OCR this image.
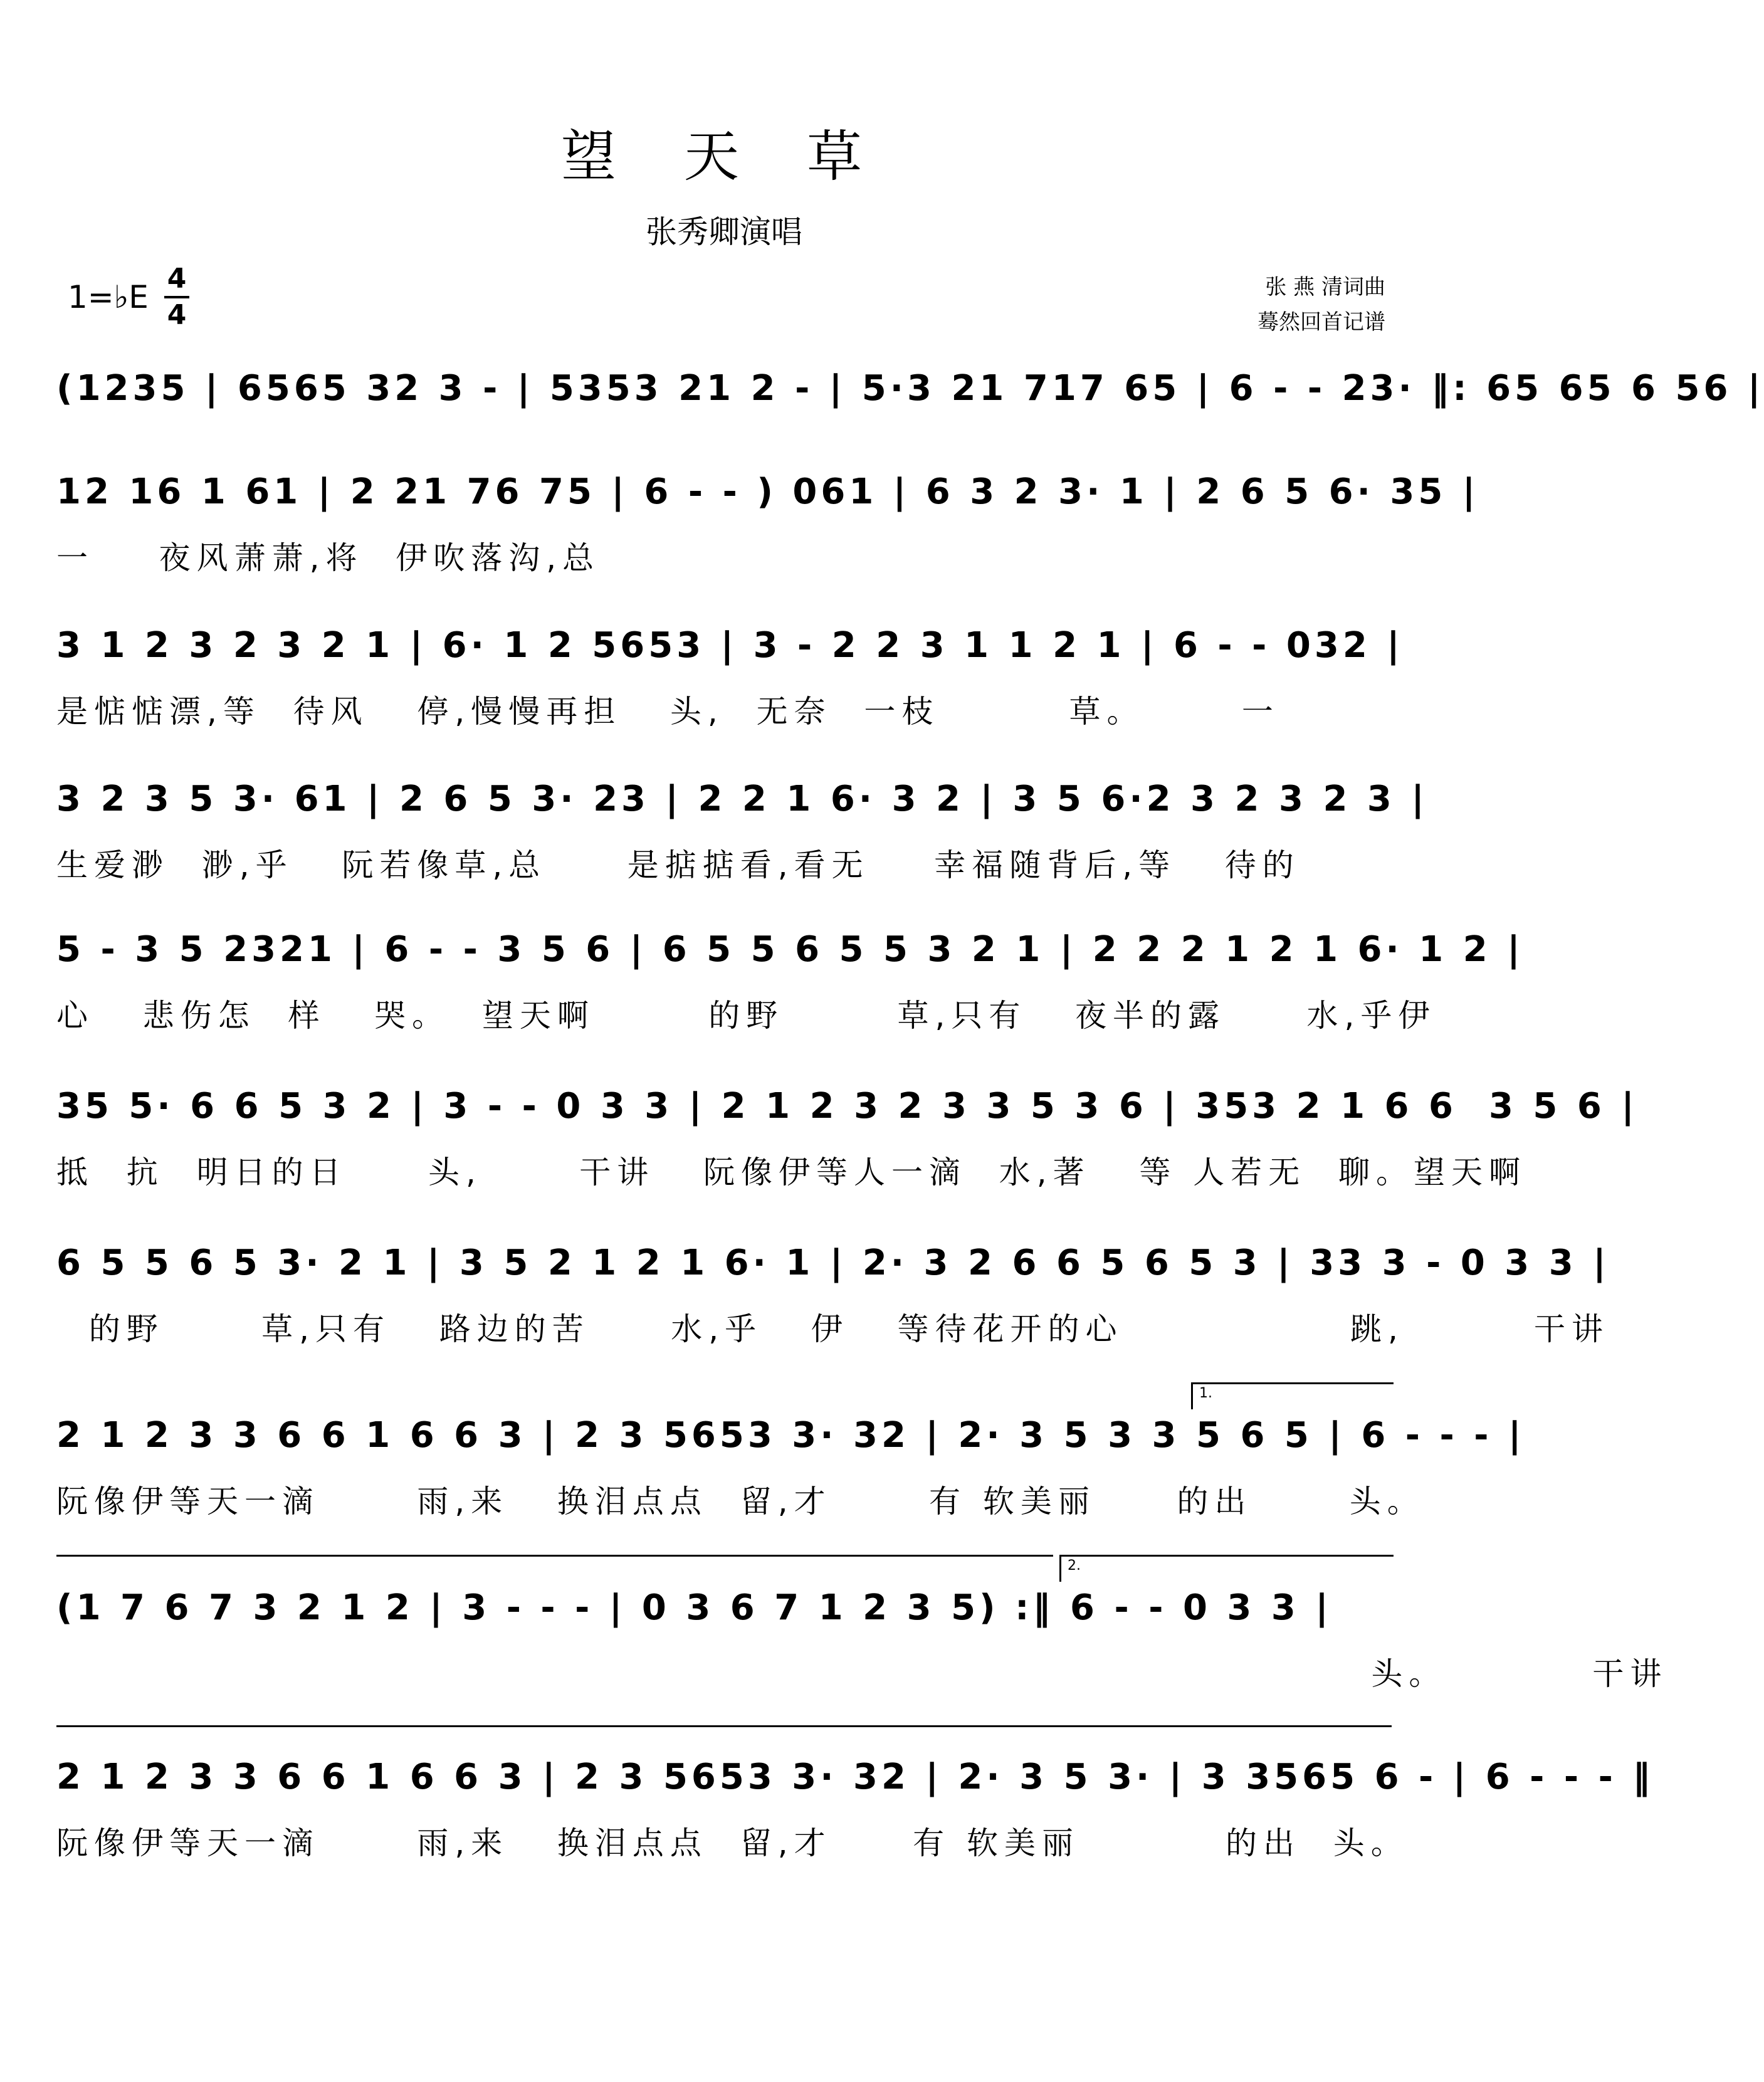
望 天 草
张秀卿演唱
1=♭E
4
4
张 燕 清词曲
蓦然回首记谱
(1235 | 6565 32 3 - | 5353 21 2 - | 5·3 21 717 65 | 6 - - 23· ‖: 65 65 6 56 |
12 16 1 61 | 2 21 76 75 | 6 - - ) 061 | 6 3 2 3· 1 | 2 6 5 6· 35 |
一    夜风萧萧,将  伊吹落沟,总
3 1 2 3 2 3 2 1 | 6· 1 2 5653 | 3 - 2 2 3 1 1 2 1 | 6 - - 032 |
是惦惦漂,等  待风   停,慢慢再担   头,  无奈  一枝        草。      一
3 2 3 5 3· 61 | 2 6 5 3· 23 | 2 2 1 6· 3 2 | 3 5 6·2 3 2 3 2 3 |
生爱渺  渺,乎   阮若像草,总     是掂掂看,看无    幸福随背后,等   待的
5 - 3 5 2321 | 6 - - 3 5 6 | 6 5 5 6 5 5 3 2 1 | 2 2 2 1 2 1 6· 1 2 |
心   悲伤怎  样   哭。  望天啊       的野       草,只有   夜半的露     水,乎伊
35 5· 6 6 5 3 2 | 3 - - 0 3 3 | 2 1 2 3 2 3 3 5 3 6 | 353 2 1 6 6  3 5 6 |
抵  抗  明日的日     头,      干讲   阮像伊等人一滴  水,著   等 人若无  聊。望天啊
6 5 5 6 5 3· 2 1 | 3 5 2 1 2 1 6· 1 | 2· 3 2 6 6 5 6 5 3 | 33 3 - 0 3 3 |
的野      草,只有   路边的苦     水,乎   伊   等待花开的心              跳,        干讲
1.
2 1 2 3 3 6 6 1 6 6 3 | 2 3 5653 3· 32 | 2· 3 5 3 3 5 6 5 | 6 - - - |
阮像伊等天一滴      雨,来   换泪点点  留,才      有 软美丽     的出      头。
2.
(1 7 6 7 3 2 1 2 | 3 - - - | 0 3 6 7 1 2 3 5) :‖ 6 - - 0 3 3 |
头。         干讲
2 1 2 3 3 6 6 1 6 6 3 | 2 3 5653 3· 32 | 2· 3 5 3· | 3 3565 6 - | 6 - - - ‖
阮像伊等天一滴      雨,来   换泪点点  留,才     有 软美丽         的出  头。
